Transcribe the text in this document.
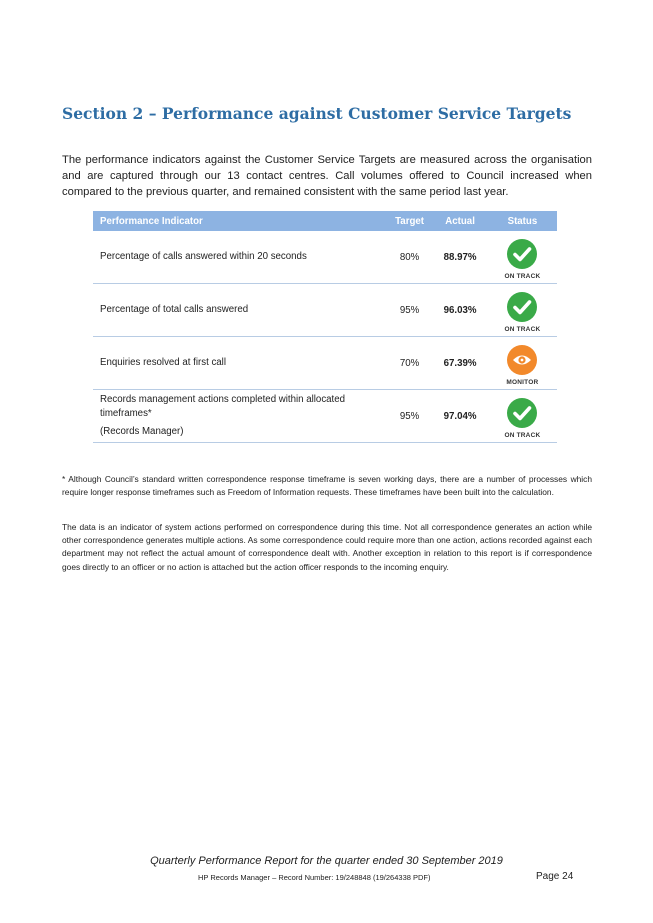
Section 2 – Performance against Customer Service Targets

The performance indicators against the Customer Service Targets are measured across the organisation and are captured through our 13 contact centres. Call volumes offered to Council increased when compared to the previous quarter, and remained consistent with the same period last year.

Performance Indicator	Target	Actual	Status
Percentage of calls answered within 20 seconds	80%	88.97%	ON TRACK

Percentage of total calls answered	95%	96.03%	ON TRACK

Enquiries resolved at first call	70%	67.39%	MONITOR

Records management actions completed within allocated timeframes*
(Records Manager)	95%	97.04%	ON TRACK

* Although Council’s standard written correspondence response timeframe is seven working days, there are a number of processes which require longer response timeframes such as Freedom of Information requests. These timeframes have been built into the calculation.

The data is an indicator of system actions performed on correspondence during this time. Not all correspondence generates an action while other correspondence generates multiple actions. As some correspondence could require more than one action, actions recorded against each department may not reflect the actual amount of correspondence dealt with. Another exception in relation to this report is if correspondence goes directly to an officer or no action is attached but the action officer responds to the incoming enquiry.

Quarterly Performance Report for the quarter ended 30 September 2019

HP Records Manager – Record Number: 19/248848 (19/264338 PDF)	Page 24
